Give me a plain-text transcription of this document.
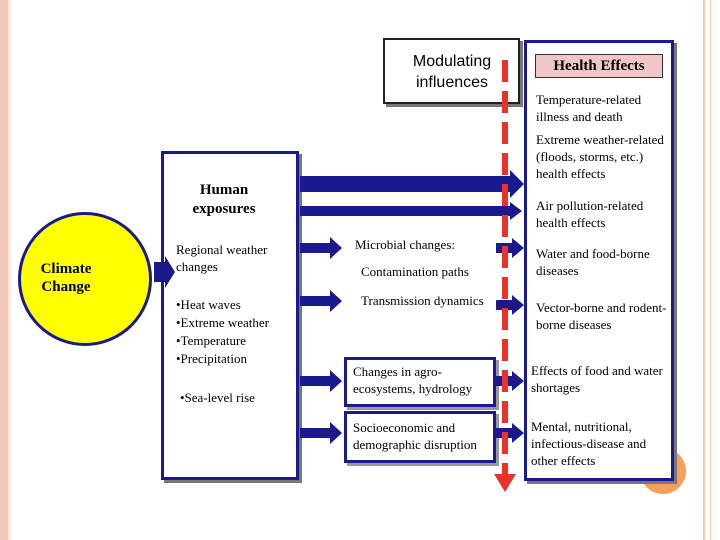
Modulating influences
Health Effects
Temperature-related illness and death
Extreme weather-related (floods, storms, etc.) health effects
Air pollution-related health effects
Water and food-borne diseases
Vector-borne and rodent- borne diseases
Effects of food and water shortages
Mental, nutritional, infectious-disease and other effects
Human exposures
Regional weather changes
•Heat waves
•Extreme weather
•Temperature
•Precipitation
•Sea-level rise
Climate Change
Microbial changes:
Contamination paths
Transmission dynamics
Changes in agro-ecosystems, hydrology
Socioeconomic and demographic disruption
